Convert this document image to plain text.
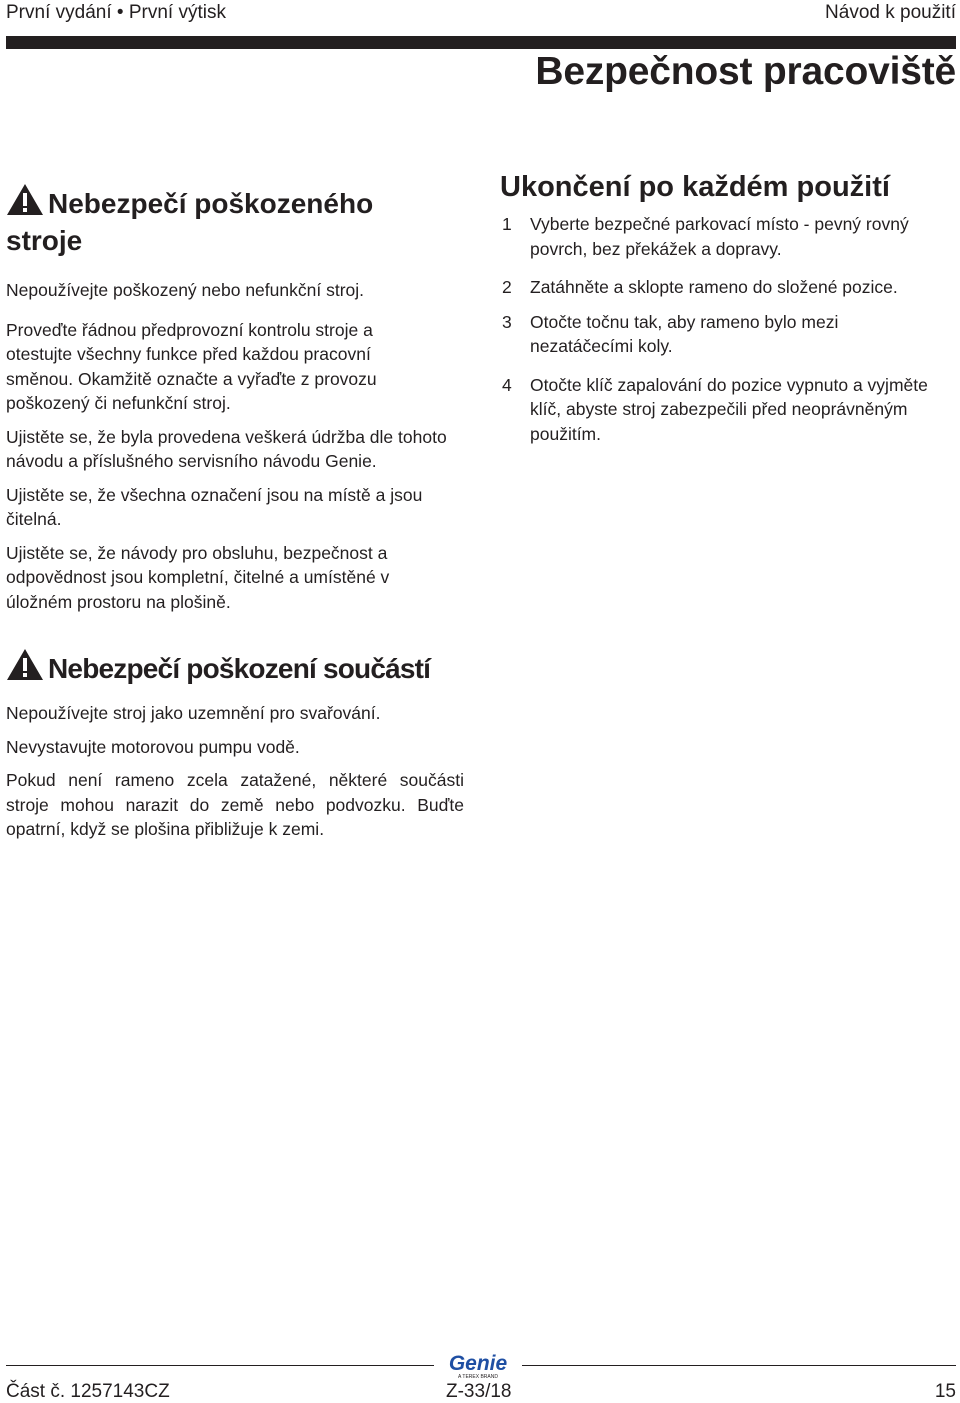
První vydání • První výtisk	Návod k použití
Bezpečnost pracoviště
Nebezpečí poškozeného stroje

Nepoužívejte poškozený nebo nefunkční stroj.

Proveďte řádnou předprovozní kontrolu stroje a otestujte všechny funkce před každou pracovní směnou. Okamžitě označte a vyřaďte z provozu poškozený či nefunkční stroj.

Ujistěte se, že byla provedena veškerá údržba dle tohoto návodu a příslušného servisního návodu Genie.

Ujistěte se, že všechna označení jsou na místě a jsou čitelná.

Ujistěte se, že návody pro obsluhu, bezpečnost a odpovědnost jsou kompletní, čitelné a umístěné v úložném prostoru na plošině.

Nebezpečí poškození součástí

Nepoužívejte stroj jako uzemnění pro svařování.

Nevystavujte motorovou pumpu vodě.

Pokud není rameno zcela zatažené, některé součásti stroje mohou narazit do země nebo podvozku. Buďte opatrní, když se plošina přibližuje k zemi.

Ukončení po každém použití
1 Vyberte bezpečné parkovací místo - pevný rovný povrch, bez překážek a dopravy.
2 Zatáhněte a sklopte rameno do složené pozice.
3 Otočte točnu tak, aby rameno bylo mezi nezatáčecími koly.
4 Otočte klíč zapalování do pozice vypnuto a vyjměte klíč, abyste stroj zabezpečili před neoprávněným použitím.
Genie
A TEREX BRAND
Část č. 1257143CZ	Z-33/18	15
